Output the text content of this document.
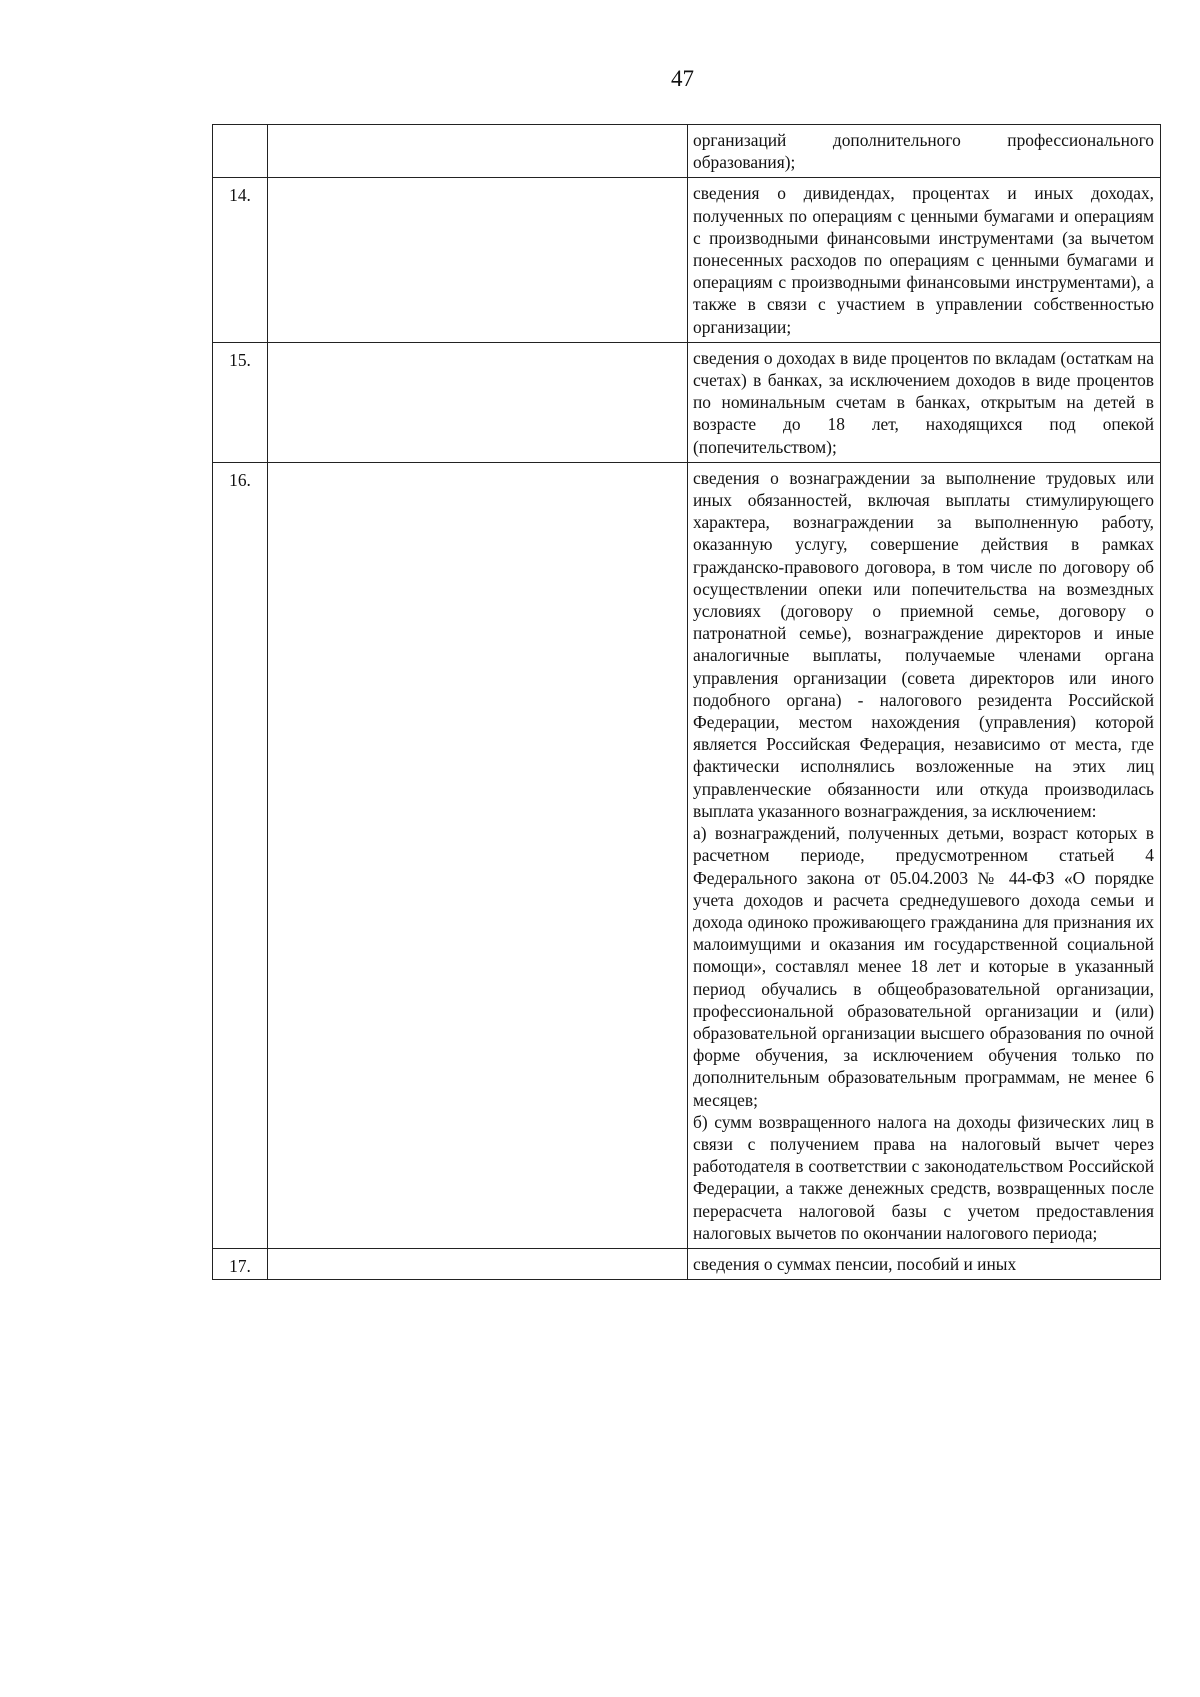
47

		организаций дополнительного профессионального образования);

14.		сведения о дивидендах, процентах и иных доходах, полученных по операциям с ценными бумагами и операциям с производными финансовыми инструментами (за вычетом понесенных расходов по операциям с ценными бумагами и операциям с производными финансовыми инструментами), а также в связи с участием в управлении собственностью организации;

15.		сведения о доходах в виде процентов по вкладам (остаткам на счетах) в банках, за исключением доходов в виде процентов по номинальным счетам в банках, открытым на детей в возрасте до 18 лет, находящихся под опекой (попечительством);

16.		сведения о вознаграждении за выполнение трудовых или иных обязанностей, включая выплаты стимулирующего характера, вознаграждении за выполненную работу, оказанную услугу, совершение действия в рамках гражданско-правового договора, в том числе по договору об осуществлении опеки или попечительства на возмездных условиях (договору о приемной семье, договору о патронатной семье), вознаграждение директоров и иные аналогичные выплаты, получаемые членами органа управления организации (совета директоров или иного подобного органа) - налогового резидента Российской Федерации, местом нахождения (управления) которой является Российская Федерация, независимо от места, где фактически исполнялись возложенные на этих лиц управленческие обязанности или откуда производилась выплата указанного вознаграждения, за исключением:
а) вознаграждений, полученных детьми, возраст которых в расчетном периоде, предусмотренном статьей 4 Федерального закона от 05.04.2003 № 44-ФЗ «О порядке учета доходов и расчета среднедушевого дохода семьи и дохода одиноко проживающего гражданина для признания их малоимущими и оказания им государственной социальной помощи», составлял менее 18 лет и которые в указанный период обучались в общеобразовательной организации, профессиональной образовательной организации и (или) образовательной организации высшего образования по очной форме обучения, за исключением обучения только по дополнительным образовательным программам, не менее 6 месяцев;
б) сумм возвращенного налога на доходы физических лиц в связи с получением права на налоговый вычет через работодателя в соответствии с законодательством Российской Федерации, а также денежных средств, возвращенных после перерасчета налоговой базы с учетом предоставления налоговых вычетов по окончании налогового периода;

17.		сведения о суммах пенсии, пособий и иных
